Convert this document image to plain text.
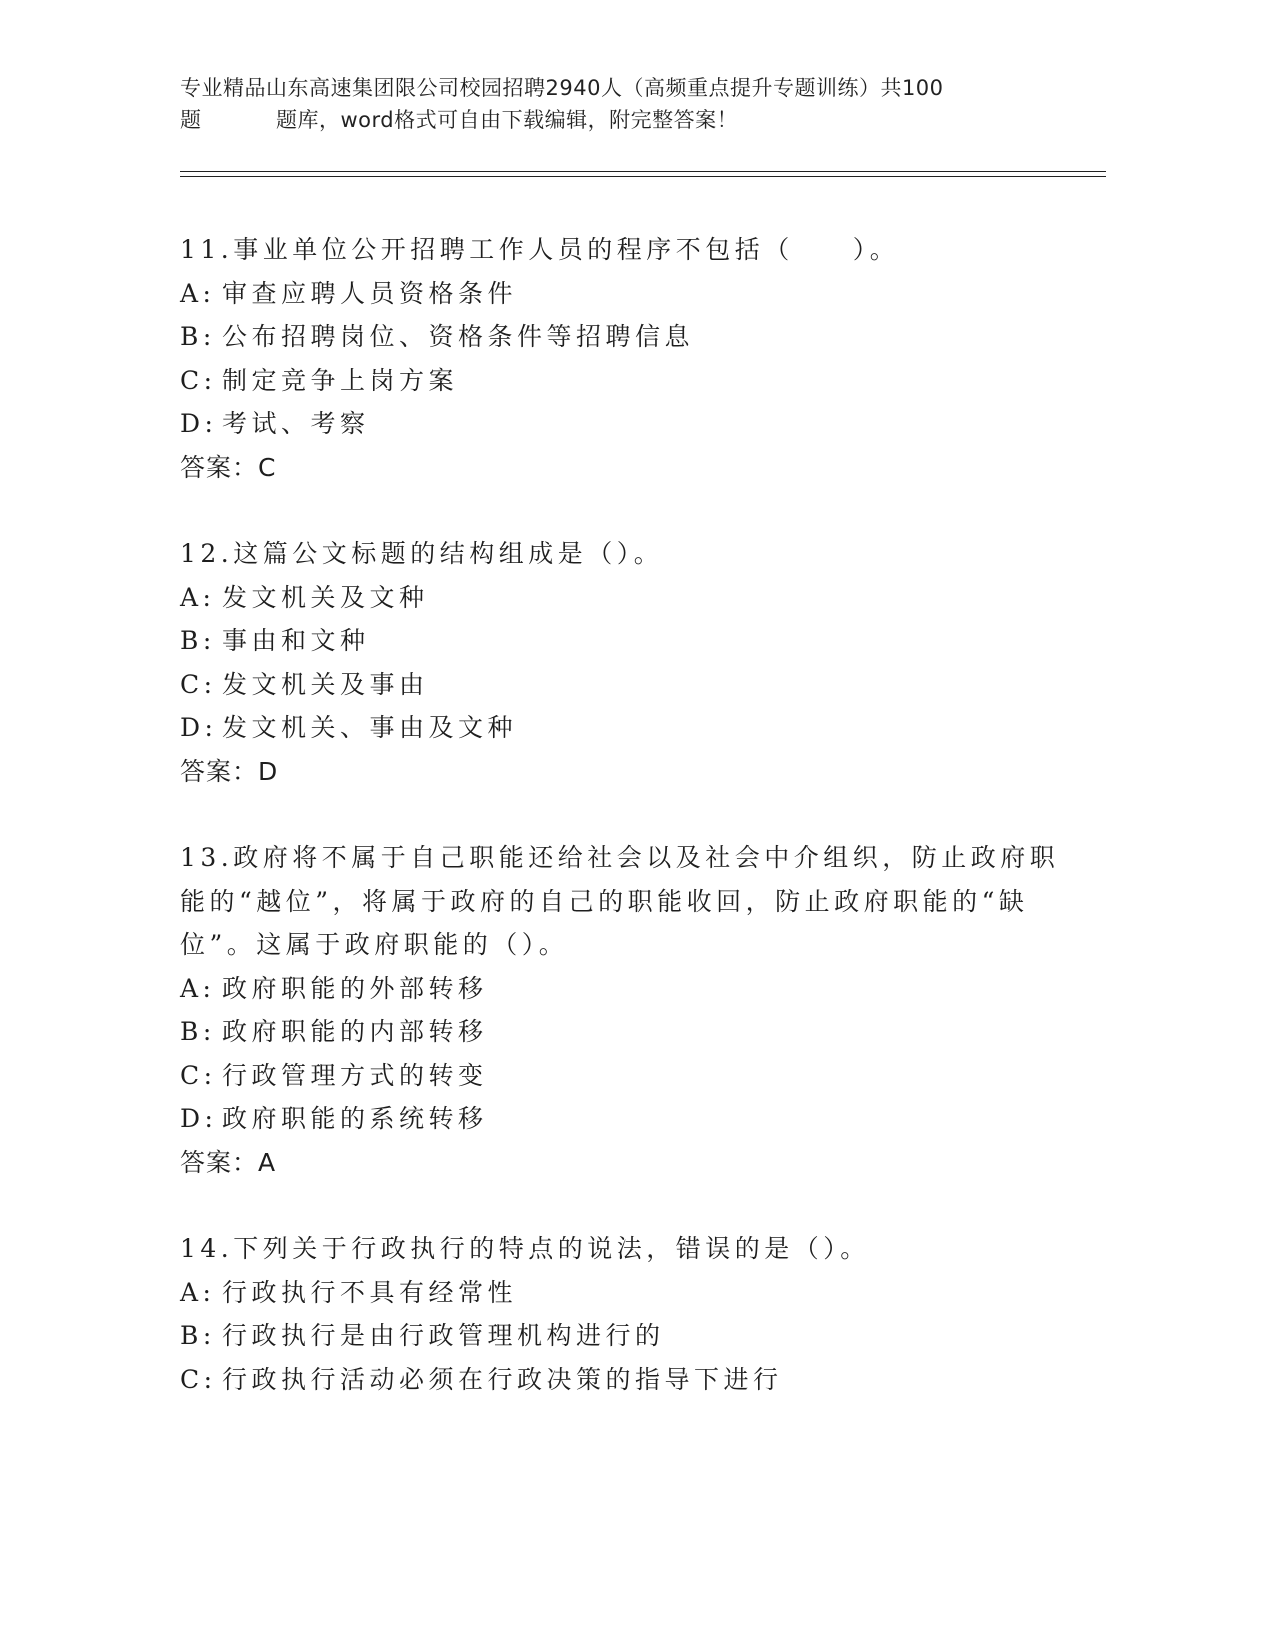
专业精品山东高速集团限公司校园招聘2940人（高频重点提升专题训练）共100
题	题库，word格式可自由下载编辑，附完整答案！
11.事业单位公开招聘工作人员的程序不包括（　　）。
A: 审查应聘人员资格条件
B: 公布招聘岗位、资格条件等招聘信息
C: 制定竞争上岗方案
D: 考试、考察
答案：C
12.这篇公文标题的结构组成是（）。
A: 发文机关及文种
B: 事由和文种
C: 发文机关及事由
D: 发文机关、事由及文种
答案：D
13.政府将不属于自己职能还给社会以及社会中介组织，防止政府职能的“越位”，将属于政府的自己的职能收回，防止政府职能的“缺位”。这属于政府职能的（）。
A: 政府职能的外部转移
B: 政府职能的内部转移
C: 行政管理方式的转变
D: 政府职能的系统转移
答案：A
14.下列关于行政执行的特点的说法，错误的是（）。
A: 行政执行不具有经常性
B: 行政执行是由行政管理机构进行的
C: 行政执行活动必须在行政决策的指导下进行
